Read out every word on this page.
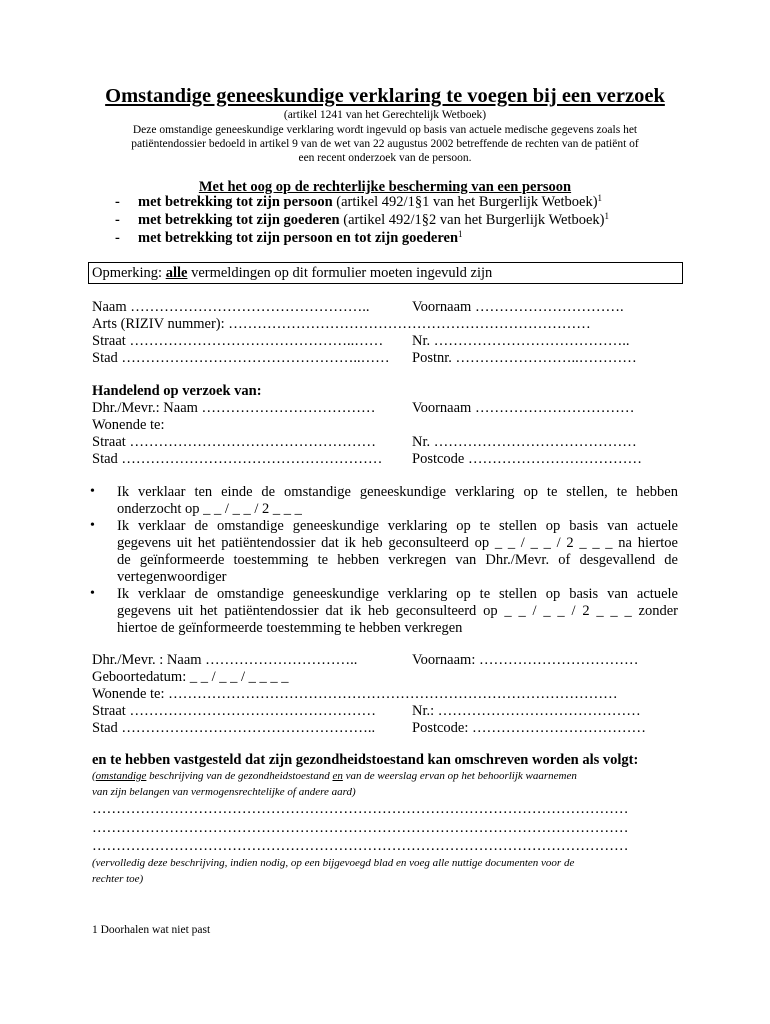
Omstandige geneeskundige verklaring te voegen bij een verzoek
(artikel 1241 van het Gerechtelijk Wetboek)
Deze omstandige geneeskundige verklaring wordt ingevuld op basis van actuele medische gegevens zoals het
patiëntendossier bedoeld in artikel 9 van de wet van 22 augustus 2002 betreffende de rechten van de patiënt of
een recent onderzoek van de persoon.
Met het oog op de rechterlijke bescherming van een persoon
- met betrekking tot zijn persoon (artikel 492/1§1 van het Burgerlijk Wetboek)$^1$
- met betrekking tot zijn goederen (artikel 492/1§2 van het Burgerlijk Wetboek)$^1$
- met betrekking tot zijn persoon en tot zijn goederen$^1$
Opmerking: alle vermeldingen op dit formulier moeten ingevuld zijn
Naam …………………………………………..	Voornaam ………………………….
Arts (RIZIV nummer): …………………………………………………………………
Straat ………………………………………..…… Nr. …………………………………..
Stad …………………………………………..…… Postnr. ……………………..…………
Handelend op verzoek van:
Dhr./Mevr.: Naam ………………………………	Voornaam ……………………………
Wonende te:
Straat …………………………………………… Nr. ……………………………………
Stad ……………………………………………… Postcode ………………………………
• Ik verklaar ten einde de omstandige geneeskundige verklaring op te stellen, te hebben
onderzocht op _ _ / _ _ / 2 _ _ _
• Ik verklaar de omstandige geneeskundige verklaring op te stellen op basis van actuele
gegevens uit het patiëntendossier dat ik heb geconsulteerd op _ _ / _ _ / 2 _ _ _ na hiertoe
de geïnformeerde toestemming te hebben verkregen van Dhr./Mevr. of desgevallend de
vertegenwoordiger
• Ik verklaar de omstandige geneeskundige verklaring op te stellen op basis van actuele
gegevens uit het patiëntendossier dat ik heb geconsulteerd op _ _ / _ _ / 2 _ _ _ zonder
hiertoe de geïnformeerde toestemming te hebben verkregen
Dhr./Mevr. : Naam …………………………..	Voornaam: ……………………………
Geboortedatum: _ _ / _ _ / _ _ _ _
Wonende te: …………………………………………………………………………………
Straat …………………………………………… Nr.: ……………………………………
Stad ……………………………………………..	Postcode: ………………………………
en te hebben vastgesteld dat zijn gezondheidstoestand kan omschreven worden als volgt:
(omstandige beschrijving van de gezondheidstoestand en van de weerslag ervan op het behoorlijk waarnemen
van zijn belangen van vermogensrechtelijke of andere aard)
…………………………………………………………………………………………………
…………………………………………………………………………………………………
…………………………………………………………………………………………………
(vervolledig deze beschrijving, indien nodig, op een bijgevoegd blad en voeg alle nuttige documenten voor de
rechter toe)
1 Doorhalen wat niet past
